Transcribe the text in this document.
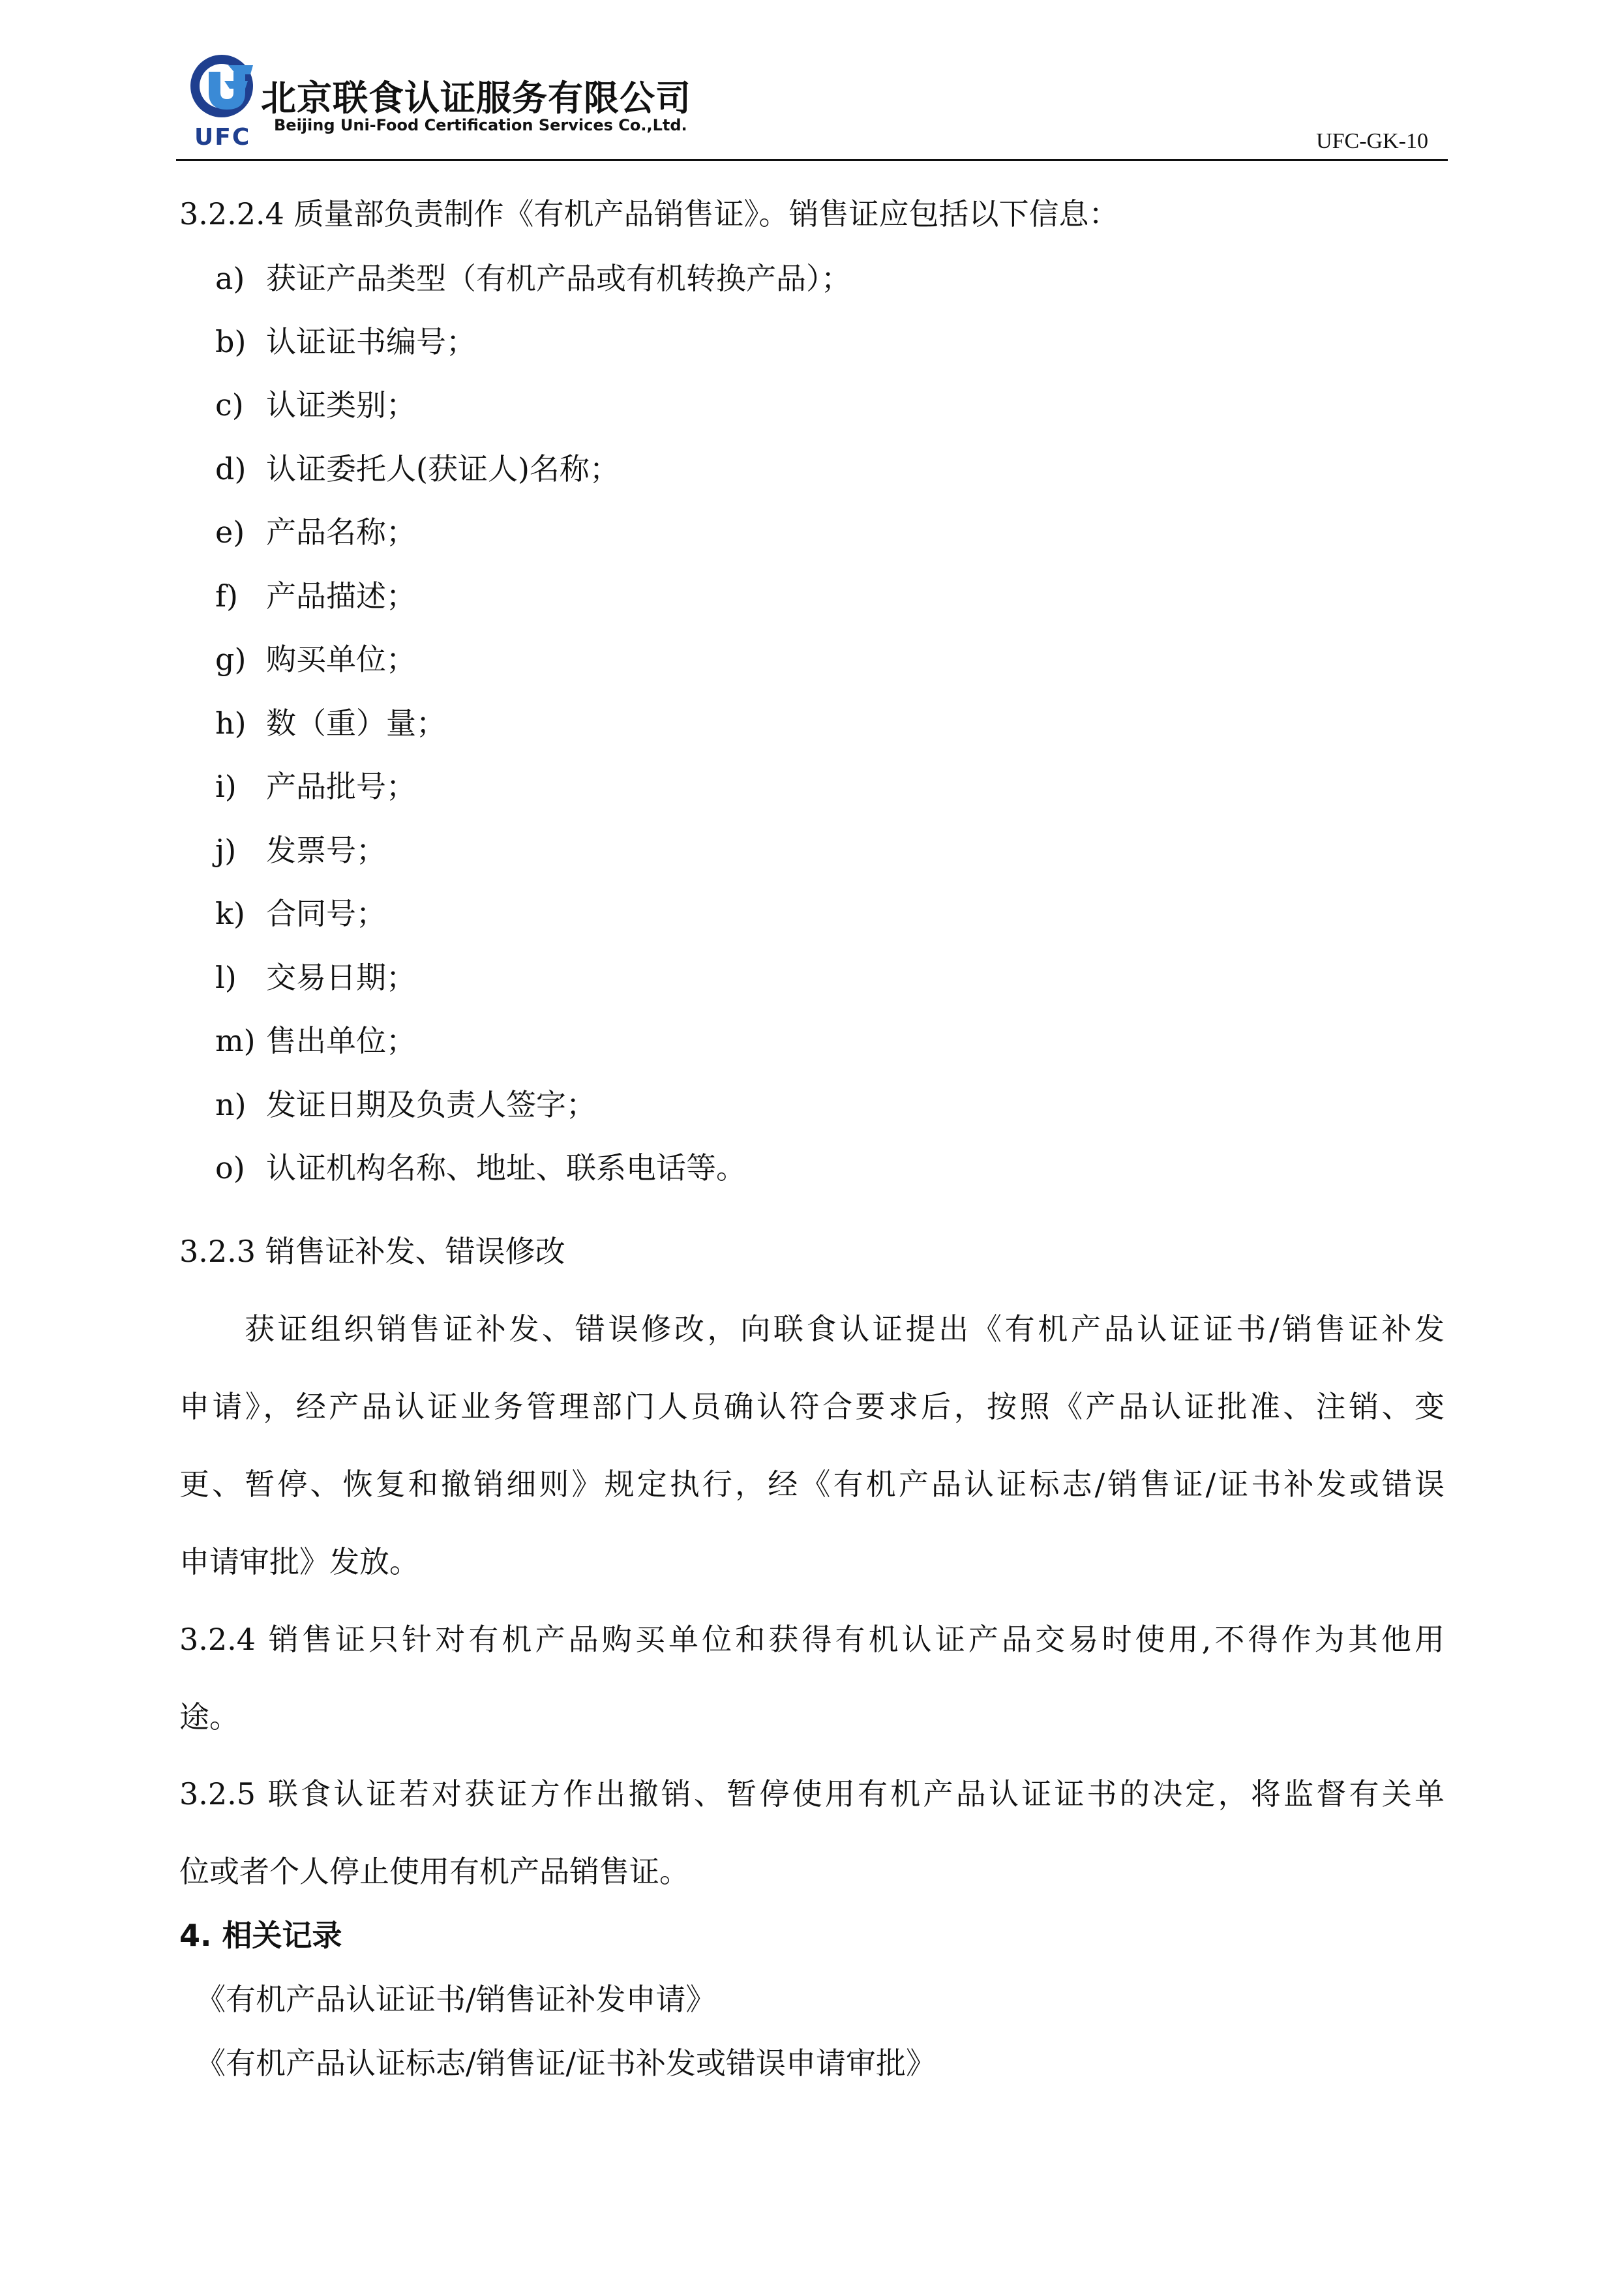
UFC
北京联食认证服务有限公司
Beijing Uni-Food Certification Services Co.,Ltd.
UFC-GK-10
3.2.2.4 质量部负责制作《有机产品销售证》。销售证应包括以下信息：
a) 获证产品类型（有机产品或有机转换产品）；
b) 认证证书编号；
c) 认证类别；
d) 认证委托人(获证人)名称；
e) 产品名称；
f) 产品描述；
g) 购买单位；
h) 数（重）量；
i) 产品批号；
j) 发票号；
k) 合同号；
l) 交易日期；
m) 售出单位；
n) 发证日期及负责人签字；
o) 认证机构名称、地址、联系电话等。
3.2.3 销售证补发、错误修改
获证组织销售证补发、错误修改，向联食认证提出《有机产品认证证书/销售证补发
申请》，经产品认证业务管理部门人员确认符合要求后，按照《产品认证批准、注销、变
更、暂停、恢复和撤销细则》规定执行，经《有机产品认证标志/销售证/证书补发或错误
申请审批》发放。
3.2.4 销售证只针对有机产品购买单位和获得有机认证产品交易时使用,不得作为其他用
途。
3.2.5 联食认证若对获证方作出撤销、暂停使用有机产品认证证书的决定，将监督有关单
位或者个人停止使用有机产品销售证。
4. 相关记录
《有机产品认证证书/销售证补发申请》
《有机产品认证标志/销售证/证书补发或错误申请审批》
